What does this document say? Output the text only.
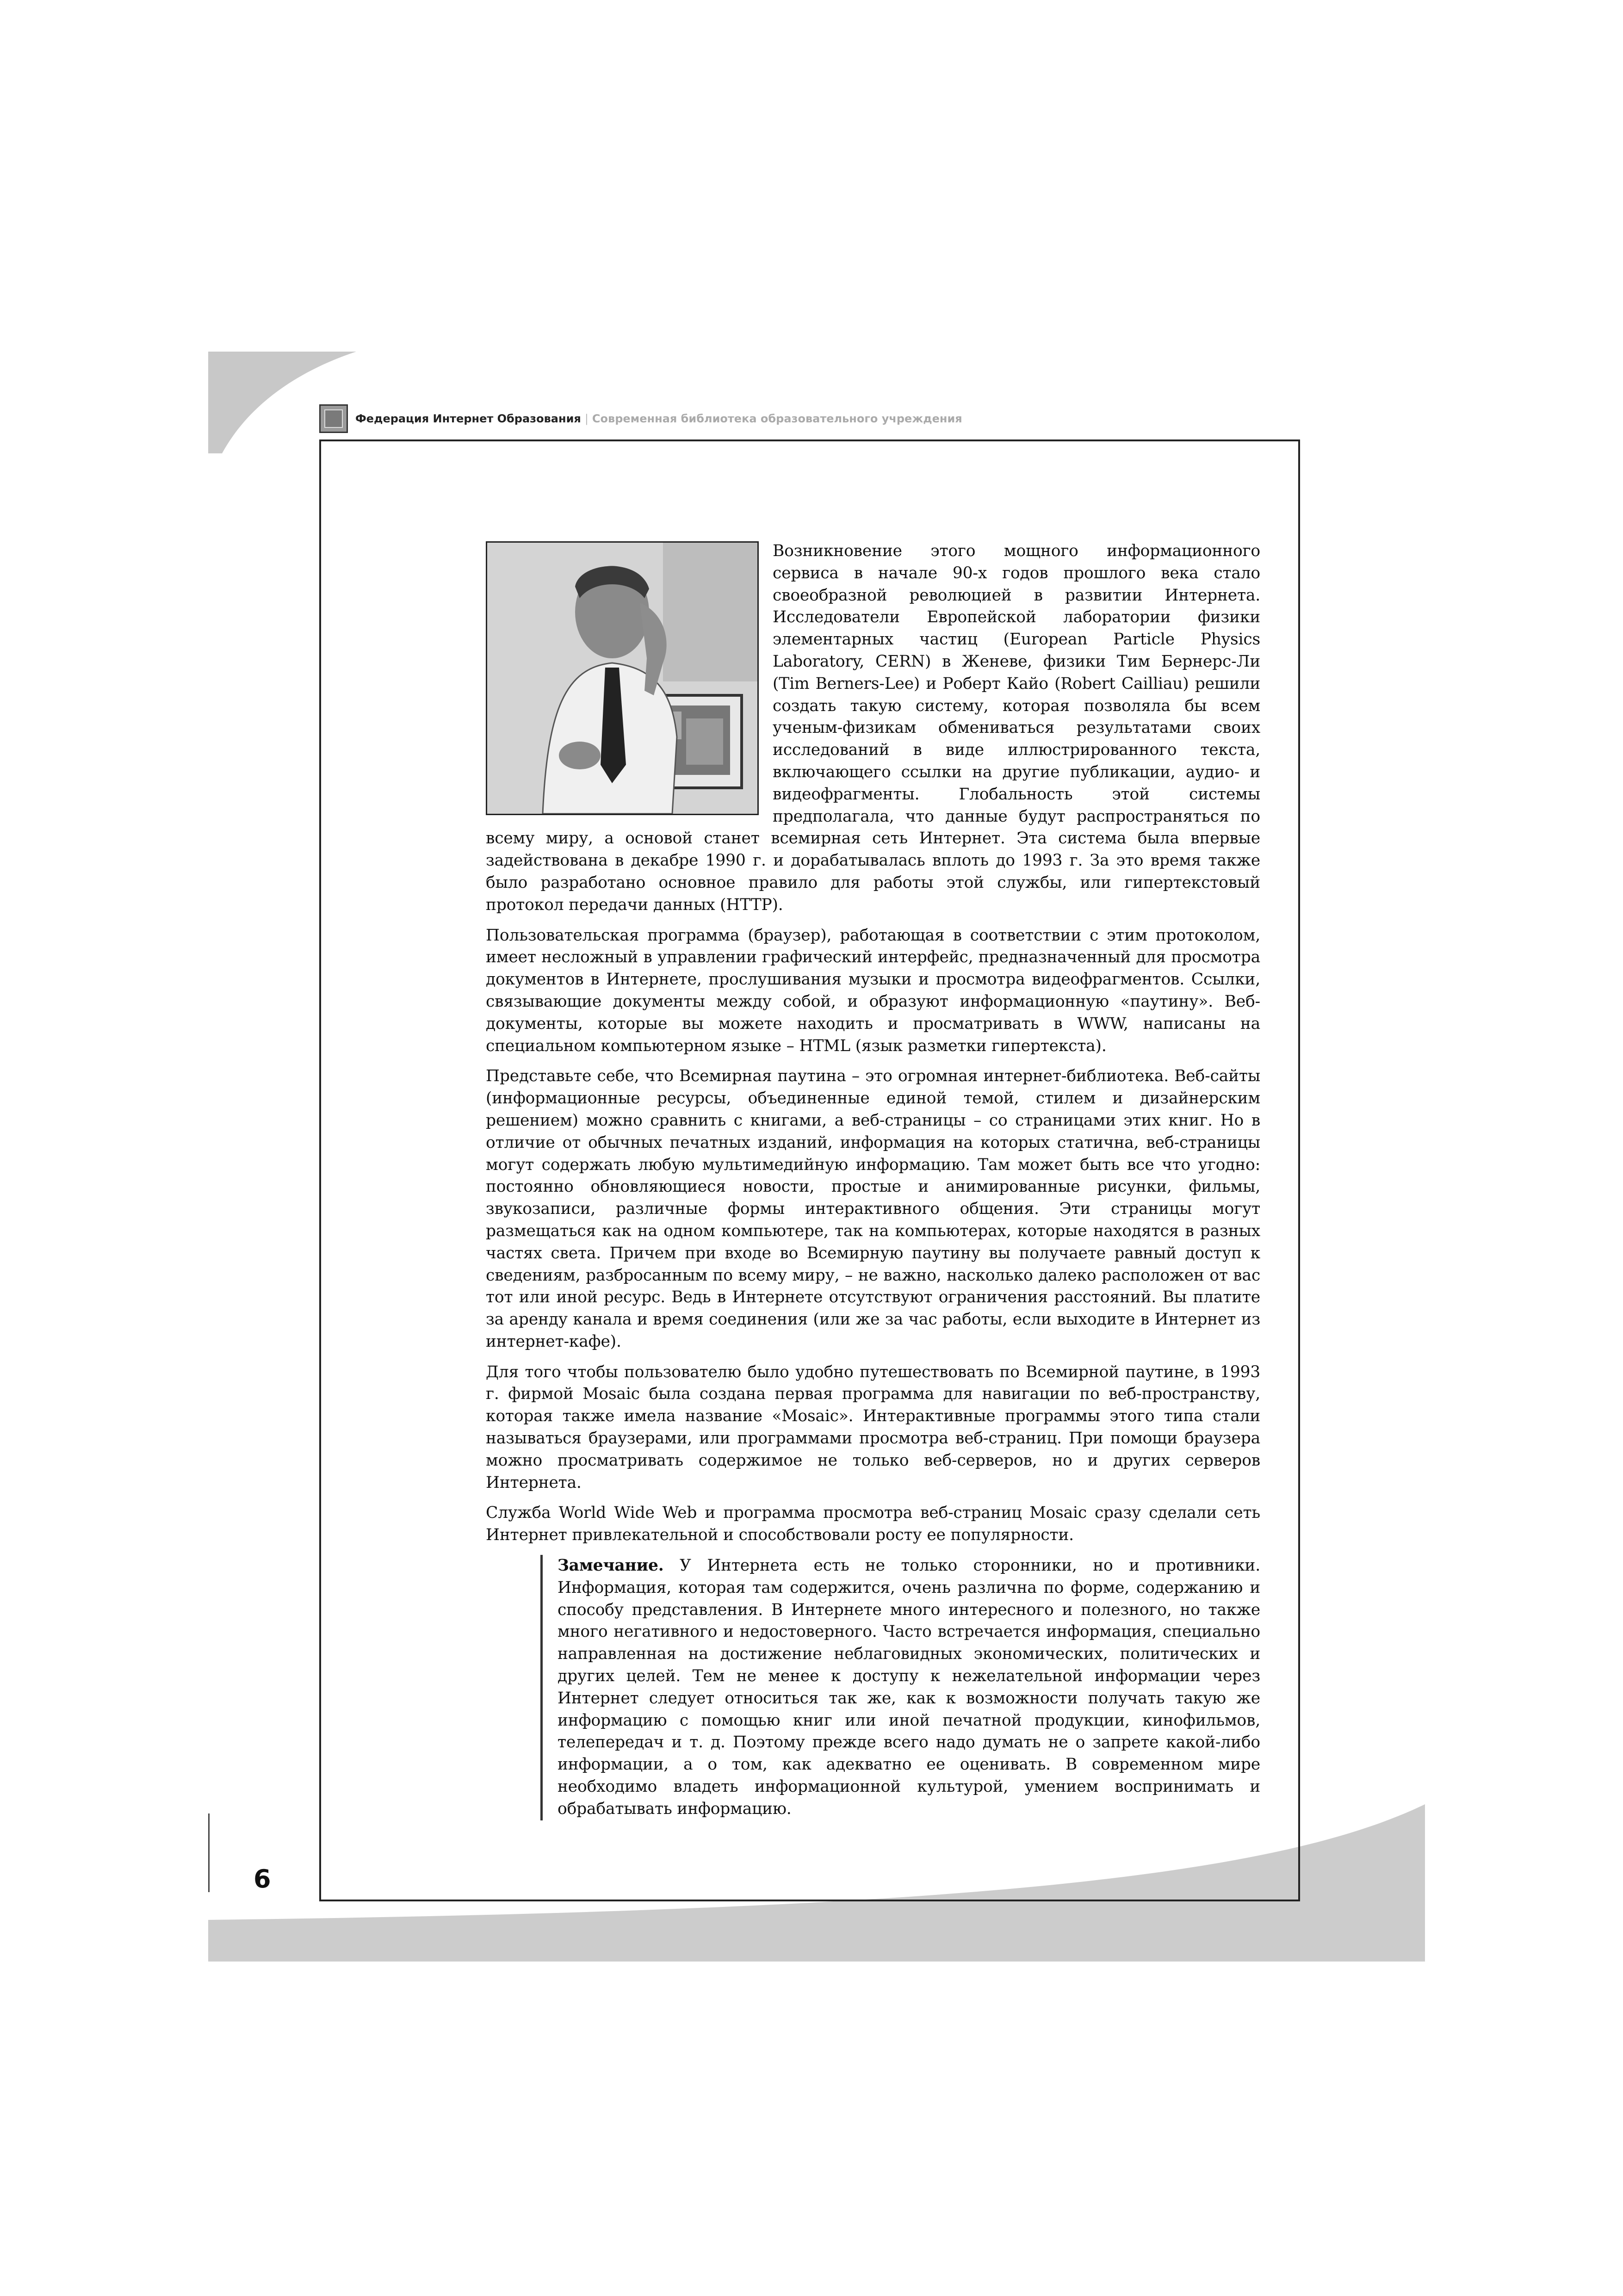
Федерация Интернет Образования | Современная библиотека образовательного учреждения

Возникновение этого мощного информационного сервиса в начале 90-х годов прошлого века стало своеобразной революцией в развитии Интернета. Исследователи Европейской лаборатории физики элементарных частиц (European Particle Physics Laboratory, CERN) в Женеве, физики Тим Бернерс-Ли (Tim Berners-Lee) и Роберт Кайо (Robert Cailliau) решили создать такую систему, которая позволяла бы всем ученым-физикам обмениваться результатами своих исследований в виде иллюстрированного текста, включающего ссылки на другие публикации, аудио- и видеофрагменты. Глобальность этой системы предполагала, что данные будут распространяться по всему миру, а основой станет всемирная сеть Интернет. Эта система была впервые задействована в декабре 1990 г. и дорабатывалась вплоть до 1993 г. За это время также было разработано основное правило для работы этой службы, или гипертекстовый протокол передачи данных (HTTP).

Пользовательская программа (браузер), работающая в соответствии с этим протоколом, имеет несложный в управлении графический интерфейс, предназначенный для просмотра документов в Интернете, прослушивания музыки и просмотра видеофрагментов. Ссылки, связывающие документы между собой, и образуют информационную «паутину». Веб-документы, которые вы можете находить и просматривать в WWW, написаны на специальном компьютерном языке – HTML (язык разметки гипертекста).

Представьте себе, что Всемирная паутина – это огромная интернет-библиотека. Веб-сайты (информационные ресурсы, объединенные единой темой, стилем и дизайнерским решением) можно сравнить с книгами, а веб-страницы – со страницами этих книг. Но в отличие от обычных печатных изданий, информация на которых статична, веб-страницы могут содержать любую мультимедийную информацию. Там может быть все что угодно: постоянно обновляющиеся новости, простые и анимированные рисунки, фильмы, звукозаписи, различные формы интерактивного общения. Эти страницы могут размещаться как на одном компьютере, так на компьютерах, которые находятся в разных частях света. Причем при входе во Всемирную паутину вы получаете равный доступ к сведениям, разбросанным по всему миру, – не важно, насколько далеко расположен от вас тот или иной ресурс. Ведь в Интернете отсутствуют ограничения расстояний. Вы платите за аренду канала и время соединения (или же за час работы, если выходите в Интернет из интернет-кафе).

Для того чтобы пользователю было удобно путешествовать по Всемирной паутине, в 1993 г. фирмой Mosaic была создана первая программа для навигации по веб-пространству, которая также имела название «Mosaic». Интерактивные программы этого типа стали называться браузерами, или программами просмотра веб-страниц. При помощи браузера можно просматривать содержимое не только веб-серверов, но и других серверов Интернета.

Служба World Wide Web и программа просмотра веб-страниц Mosaic сразу сделали сеть Интернет привлекательной и способствовали росту ее популярности.

Замечание. У Интернета есть не только сторонники, но и противники. Информация, которая там содержится, очень различна по форме, содержанию и способу представления. В Интернете много интересного и полезного, но также много негативного и недостоверного. Часто встречается информация, специально направленная на достижение неблаговидных экономических, политических и других целей. Тем не менее к доступу к нежелательной информации через Интернет следует относиться так же, как к возможности получать такую же информацию с помощью книг или иной печатной продукции, кинофильмов, телепередач и т. д. Поэтому прежде всего надо думать не о запрете какой-либо информации, а о том, как адекватно ее оценивать. В современном мире необходимо владеть информационной культурой, умением воспринимать и обрабатывать информацию.
6
